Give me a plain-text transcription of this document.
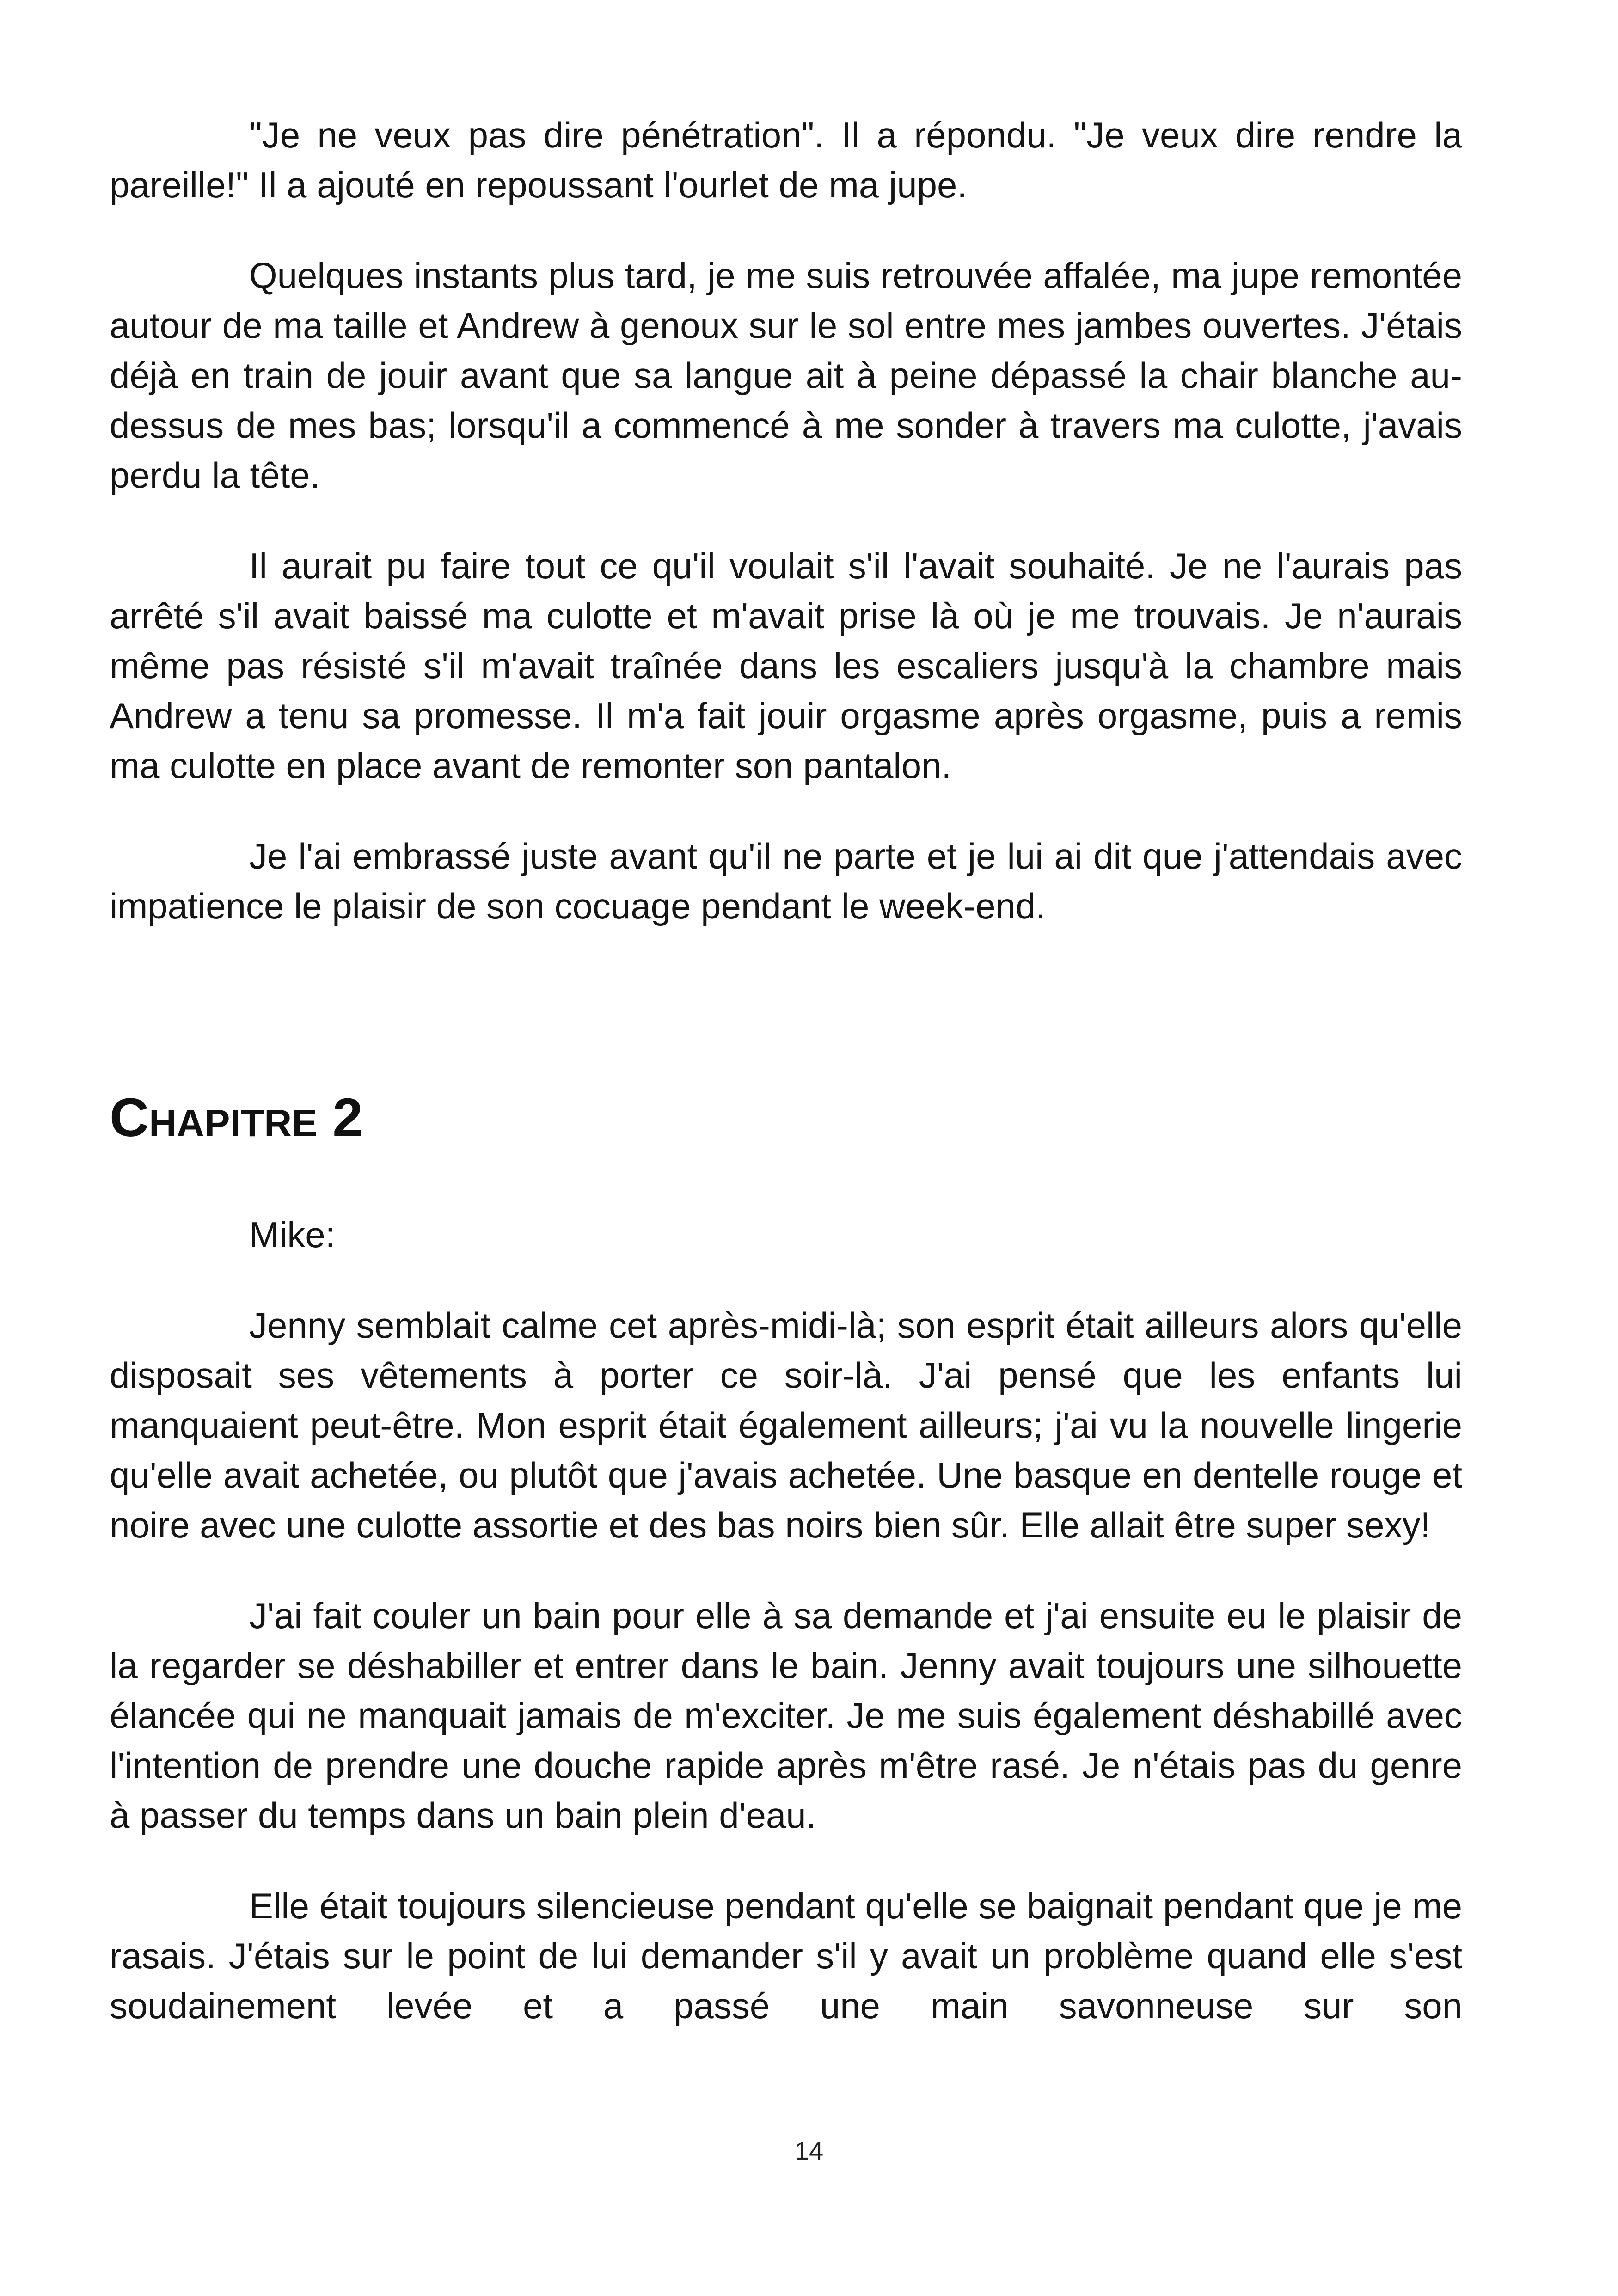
"Je ne veux pas dire pénétration". Il a répondu. "Je veux dire rendre la pareille!" Il a ajouté en repoussant l'ourlet de ma jupe.

Quelques instants plus tard, je me suis retrouvée affalée, ma jupe remontée autour de ma taille et Andrew à genoux sur le sol entre mes jambes ouvertes. J'étais déjà en train de jouir avant que sa langue ait à peine dépassé la chair blanche au-dessus de mes bas; lorsqu'il a commencé à me sonder à travers ma culotte, j'avais perdu la tête.

Il aurait pu faire tout ce qu'il voulait s'il l'avait souhaité. Je ne l'aurais pas arrêté s'il avait baissé ma culotte et m'avait prise là où je me trouvais. Je n'aurais même pas résisté s'il m'avait traînée dans les escaliers jusqu'à la chambre mais Andrew a tenu sa promesse. Il m'a fait jouir orgasme après orgasme, puis a remis ma culotte en place avant de remonter son pantalon.

Je l'ai embrassé juste avant qu'il ne parte et je lui ai dit que j'attendais avec impatience le plaisir de son cocuage pendant le week-end.

Chapitre 2

Mike:

Jenny semblait calme cet après-midi-là; son esprit était ailleurs alors qu'elle disposait ses vêtements à porter ce soir-là. J'ai pensé que les enfants lui manquaient peut-être. Mon esprit était également ailleurs; j'ai vu la nouvelle lingerie qu'elle avait achetée, ou plutôt que j'avais achetée. Une basque en dentelle rouge et noire avec une culotte assortie et des bas noirs bien sûr. Elle allait être super sexy!

J'ai fait couler un bain pour elle à sa demande et j'ai ensuite eu le plaisir de la regarder se déshabiller et entrer dans le bain. Jenny avait toujours une silhouette élancée qui ne manquait jamais de m'exciter. Je me suis également déshabillé avec l'intention de prendre une douche rapide après m'être rasé. Je n'étais pas du genre à passer du temps dans un bain plein d'eau.

Elle était toujours silencieuse pendant qu'elle se baignait pendant que je me rasais. J'étais sur le point de lui demander s'il y avait un problème quand elle s'est soudainement levée et a passé une main savonneuse sur son

14
